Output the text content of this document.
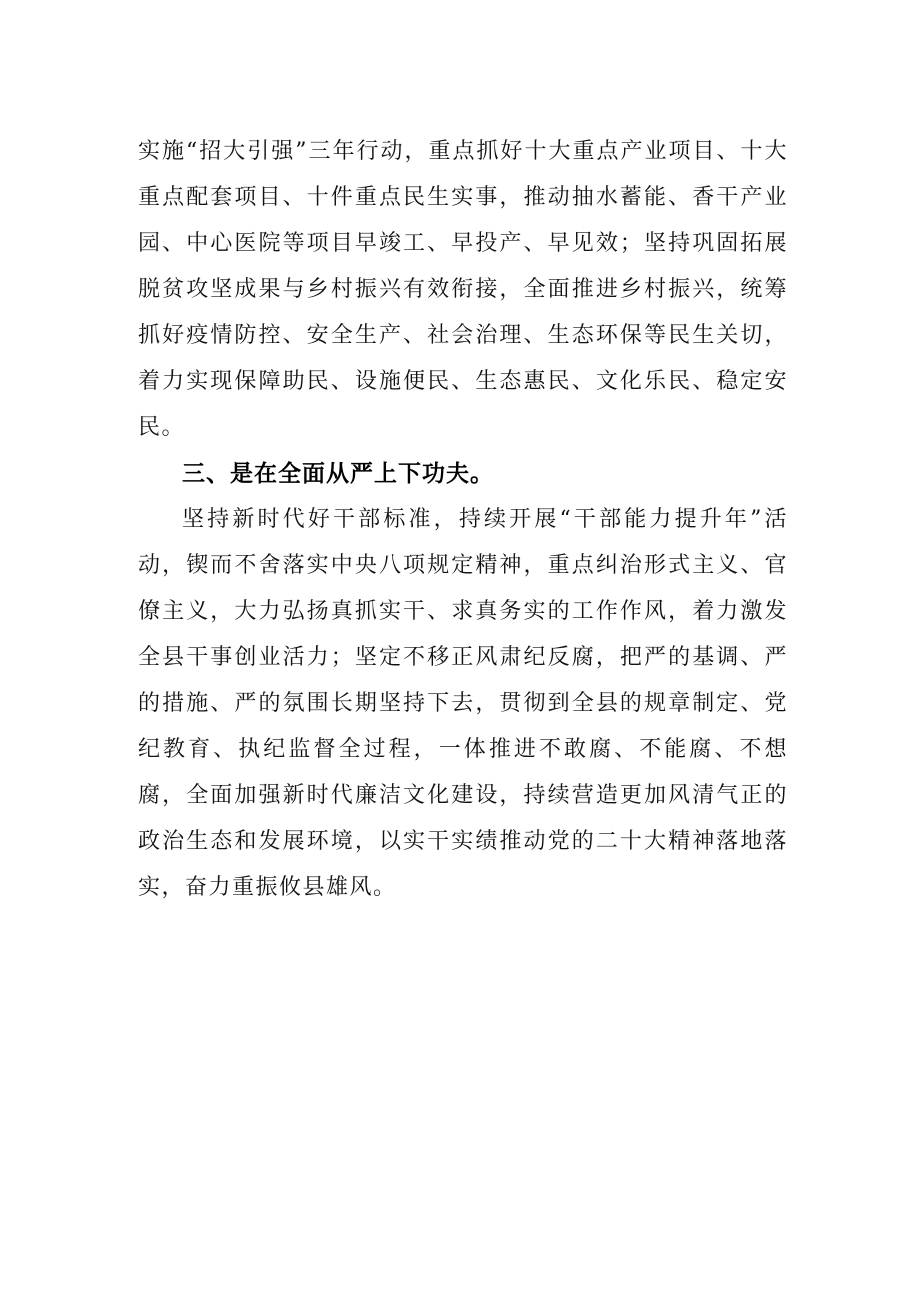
实施“招大引强”三年行动，重点抓好十大重点产业项目、十大重点配套项目、十件重点民生实事，推动抽水蓄能、香干产业园、中心医院等项目早竣工、早投产、早见效；坚持巩固拓展脱贫攻坚成果与乡村振兴有效衔接，全面推进乡村振兴，统筹抓好疫情防控、安全生产、社会治理、生态环保等民生关切，着力实现保障助民、设施便民、生态惠民、文化乐民、稳定安民。

三、是在全面从严上下功夫。

坚持新时代好干部标准，持续开展“干部能力提升年”活动，锲而不舍落实中央八项规定精神，重点纠治形式主义、官僚主义，大力弘扬真抓实干、求真务实的工作作风，着力激发全县干事创业活力；坚定不移正风肃纪反腐，把严的基调、严的措施、严的氛围长期坚持下去，贯彻到全县的规章制定、党纪教育、执纪监督全过程，一体推进不敢腐、不能腐、不想腐，全面加强新时代廉洁文化建设，持续营造更加风清气正的政治生态和发展环境，以实干实绩推动党的二十大精神落地落实，奋力重振攸县雄风。
